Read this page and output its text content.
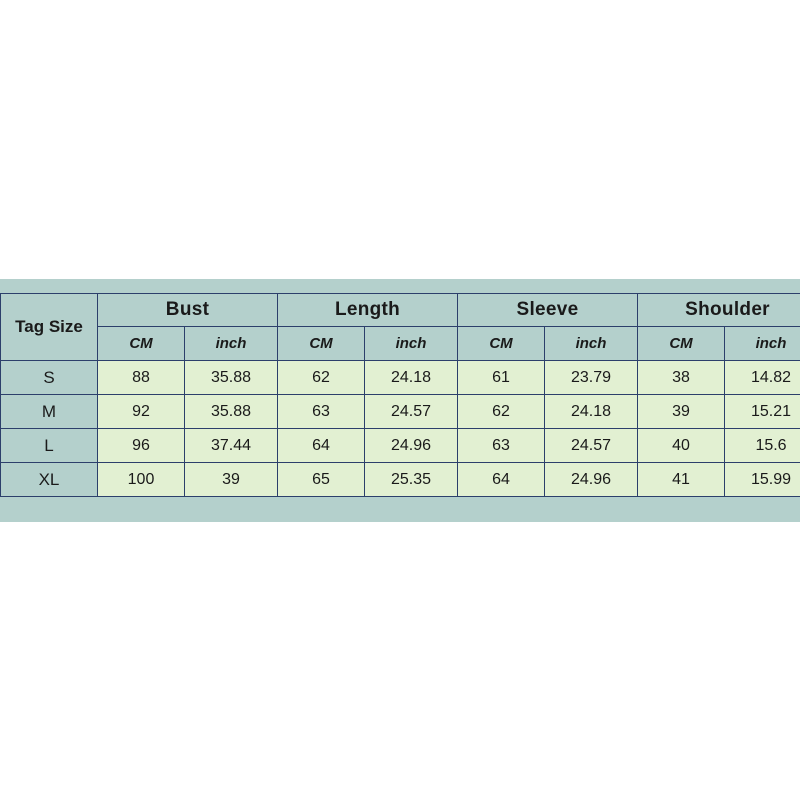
Tag Size	Bust		Length		Sleeve		Shoulder	
	CM	inch	CM	inch	CM	inch	CM	inch
S	88	35.88	62	24.18	61	23.79	38	14.82
M	92	35.88	63	24.57	62	24.18	39	15.21
L	96	37.44	64	24.96	63	24.57	40	15.6
XL	100	39	65	25.35	64	24.96	41	15.99
